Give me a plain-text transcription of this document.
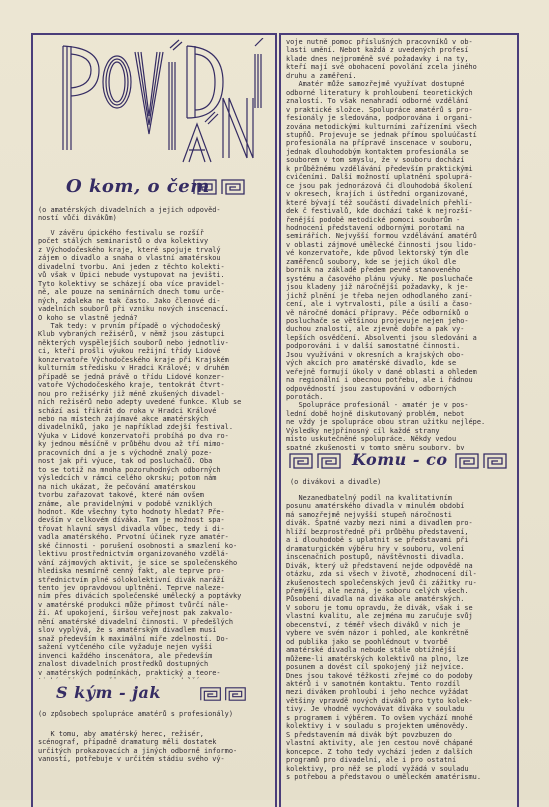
O kom, o čem
(o amatérských divadelních a jejich odpověd-
ností vůči divákům)
V závěru úpického festivalu se rozšíř
počet stálých seminaristů o dva kolektivy
z Východočeského kraje, které spojuje trvalý
zájem o divadlo a snaha o vlastní amatérskou
divadelní tvorbu. Ani jeden z těchto kolekti-
vů však v Úpici nebude vystupovat na jevišti.
Tyto kolektivy se scházejí oba více pravidel-
ně, ale pouze na seminárních dnech tomu urče-
ných, zdaleka ne tak často. Jako členové di-
vadelních souborů při vzniku nových inscenací.
O koho se vlastně jedná?
Tak tedy: v prvním případě o východočeský
Klub vybraných režisérů, v němž jsou zástupci
některých vyspělejších souborů nebo jednotliv-
ci, kteří prošli výukou režijní třídy Lidové
konzervatoře Východočeského kraje při Krajském
kulturním středisku v Hradci Králové; v druhém
případě se jedná právě o třídu Lidové konzer-
vatoře Východočeského kraje, tentokrát čtvrt-
nou pro režisérky již méně zkušených divadel-
ních režisérů nebo adepty uvedené funkce. Klub se
schází asi třikrát do roka v Hradci Králové
nebo na místech zajímavé akce amatérských
divadelníků, jako je například zdejší festival.
Výuka v Lidové konzervatoři probíhá po dva ro-
ky jednou měsíčně v průběhu dvou až tří mimo-
pracovních dní a je s východně znalý poze-
nost jak při výuce, tak od posluchačů. Oba
to se totiž na mnoha pozoruhodných odborných
výsledcích v rámci celého okrsku; potom nám
na nich ukázat, že pečování amatérskou
tvorbu zařazovat takové, které nám ovšem
známe, ale pravidelnými v podobě vzniklých
hodnot. Kde všechny tyto hodnoty hledat? Pře-
devším v celkovém díváka. Tam je možnost spa-
třovat hlavní smysl divadla vůbec, tedy i di-
vadla amatérského. Prvotní účinek ryze amatér-
ské činnosti - porušení osobnosti a smazlení ko-
lektivu prostřednictvím organizovaného vzdělá-
vání zájmových aktivit, je sice se společenského
hlediska nesmírně cenný fakt, ale teprve pro-
střednictvím plné sólokolektivní divák naráží
tento jev opravdovou upltnění. Teprve naleze-
ním přes divácích společenské umělecký a poptávky
v amatérské produkci může přímost tvůrčí nále-
ží. Ať upokojení, širšou veřejnost pak zakvalo-
nění amatérské divadelní činnosti. V předešlých
slov vyplývá, že s amatérským divadlem musí
snaž především k maximální míře zdelností. Do-
sažení vytčeného cíle vyžaduje nejen vyšší
invenci každého inscenátora, ale především
znalost divadelních prostředků dostupných
v amatérských podmínkách, praktický a teore-

S kým - jak
(o způsobech spolupráce amatérů s profesionály)
K tomu, aby amatérský herec, režisér,
scénograf, případně dramaturg měli dostatek
určitých prokazovacích a jiných odborně informo-
vaností, potřebuje v určitém stádiu svého vý-
voje nutně pomoc příslušných pracovníků v ob-
lasti umění. Nebot každá z uvedených profesí
klade dnes nejproměně své požadavky i na ty,
kteří mají své obohacení povolání zcela jiného
druhu a zaměření.
Amatér může samozřejmě využívat dostupné
odborné literatury k prohloubení teoretických
znalostí. To však nenahradí odborné vzdělání
v praktické složce. Spolupráce amatérů s pro-
fesionály je sledována, podporována i organi-
zována metodickými kulturními zařízeními všech
stupňů. Projevuje se jednak přímou spoluúčastí
profesionála na přípravě inscenace v souboru,
jednak dlouhodobým kontaktem profesionála se
souborem v tom smyslu, že v souboru dochází
k průběžnému vzdělávání především praktickými
cvičeními. Další možností uplatnění spoluprá-
ce jsou pak jednorázová či dlouhodobá školení
v okresech, krajích i ústřední organizované,
které bývají též součástí divadelních přehlí-
dek č festivalů, kde dochází také k nejrozší-
řenější podobě metodické pomoci souborům -
hodnocení představení odbornými porotami na
semirářích. Nejvyšší formou vzdělávání amatérů
v oblasti zájmové umělecké činnosti jsou lido-
vé konzervatoře, kde původ lektorský tým dle
zaměřenců soubory, kde se jejich úkol dle
bornik na základě předem pevně stanoveného
systému a časového plánu výuky. Ne posluchače
jsou kladeny již náročnější požadavky, k je-
jichž plnění je třeba nejen odhodlaného zaní-
cení, ale i vytrvalosti, píle a úsilí a časo-
vě náročné domácí přípravy. Péče odborníků o
posluchače se většinou projevuje nejen jeho-
duchou znalostí, ale zjevně dobře a pak vy-
lepších osvědčení. Absolventi jsou sledováni a
podporováni i v další samostatné činnosti.
Jsou využíváni v okresních a krajských obo-
vých akcích pro amatérské divadlo, kde se
veřejně formují úkoly v dané oblasti a ohledem
na regionální i obecnou potřebu, ale i řádnou
odpovědností jsou zastupování v odborných
porotách.
Spolupráce profesionál - amatér je v pos-
lední době hojně diskutovaný problém, nebot
ne vždy je spolupráce obou stran užitku nejlépe.
Výsledky nejpřínosný cíl každé strany
místo uskutečněné spolupráce. Někdy vedou
spatné zkušenosti v tomto směru soubory, by

Komu - co
(o divákovi a divadle)
Nezanedbatelný podíl na kvalitativním
posunu amatérského divadla v minulém období
má samozřejmě nejvyšší stupeň náročnosti
divák. Špatné vazby mezi nimi a divadlem pro-
hlíží bezprostředně při průběhu představení,
a i dlouhodobě s uplatnit se představami při
dramaturgickém výběru hry v souboru, volení
inscenačních postupů, návštěvnosti divadla.
Divák, který už představení nejde odpovědě na
otázku, zda si všech v životě, zhodnocení díl-
zkušenostech společenských jevů či zážitky ru-
přemýšlí, ale nezná, je soboru celých všech.
Působení divadla na diváka ale amatérských.
V soboru je tomu opravdu, že divák, však i se
vlastní kvalitu, ale zejména mu zaručuje svůj
obecenství, z téměř všech diváků v nich je
vybere ve svém názor i pohled, ale konkrétně
od publika jako se poohlédnout v tvorbě
amatérské divadla nebude stále obtížnější
můžeme-li amatérských kolektivů na plno, lze
posunem a dovést cíl spokojený již nejvíce.
Dnes jsou takové těžkosti zřejmé co do podoby
aktérů i v samotném kontaktu. Tento rozdíl
mezi divákem prohloubí i jeho nechce vyžádat
většiny vpravdě nových diváků pro tyto kolek-
tivy. Je vhodné vychovávat diváka v souladu
s programem i výběrem. To ovšem vychází mnohé
kolektivy i v souladu s projektem uměnovědy.
S představením má divák být povzbuzen do
vlastní aktivity, ale jen cestou nově chápané
koncepce. Z toho tedy vychází jeden z dalších
programů pro divadelní, ale i pro ostatní
kolektivy, pro něž se plodí vyžádá v souladu
s potřebou a představou o uměleckém amatérismu.
